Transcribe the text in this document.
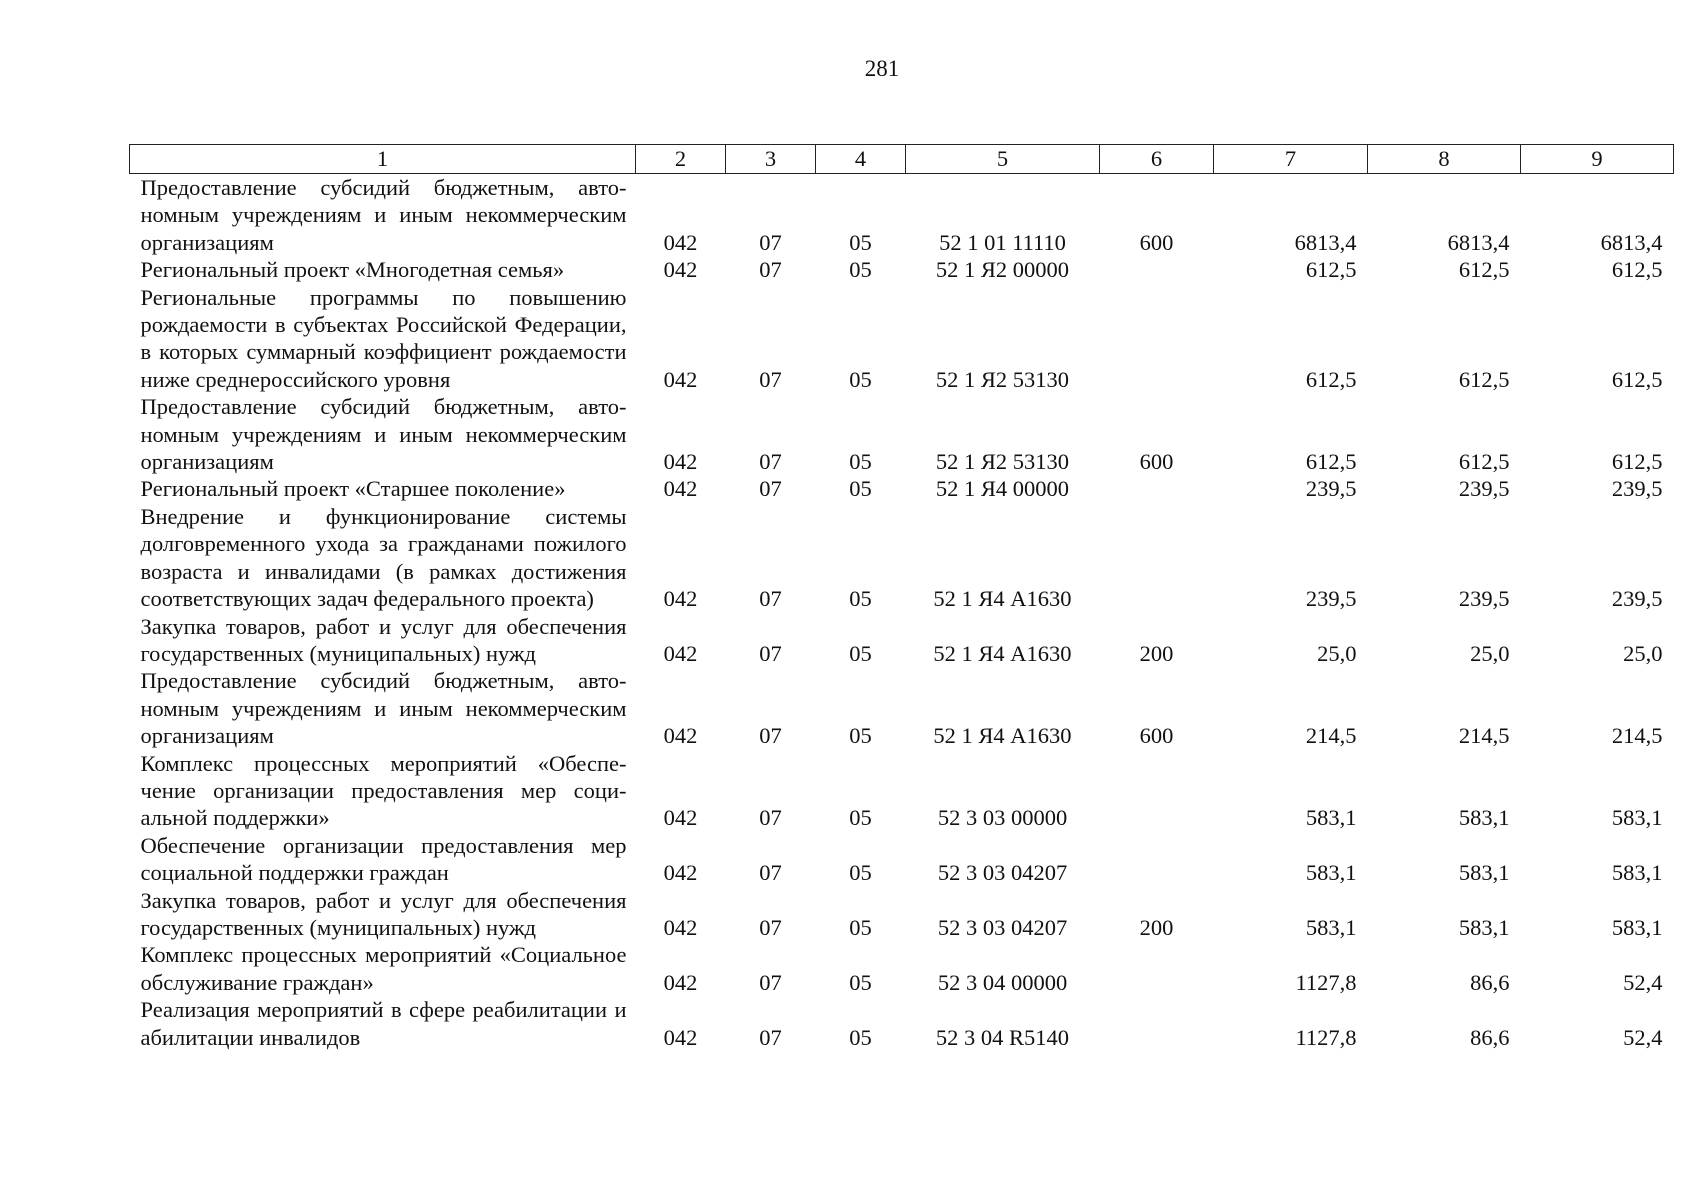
281
1	2	3	4	5	6	7	8	9
Предоставление субсидий бюджетным, автономным учреждениям и иным некоммерческим организациям	042	07	05	52 1 01 11110	600	6813,4	6813,4	6813,4
Региональный проект «Многодетная семья»	042	07	05	52 1 Я2 00000		612,5	612,5	612,5
Региональные программы по повышению рождаемости в субъектах Российской Федерации, в которых суммарный коэффициент рождаемости ниже среднероссийского уровня	042	07	05	52 1 Я2 53130		612,5	612,5	612,5
Предоставление субсидий бюджетным, автономным учреждениям и иным некоммерческим организациям	042	07	05	52 1 Я2 53130	600	612,5	612,5	612,5
Региональный проект «Старшее поколение»	042	07	05	52 1 Я4 00000		239,5	239,5	239,5
Внедрение и функционирование системы долговременного ухода за гражданами пожилого возраста и инвалидами (в рамках достижения соответствующих задач федерального проекта)	042	07	05	52 1 Я4 А1630		239,5	239,5	239,5
Закупка товаров, работ и услуг для обеспечения государственных (муниципальных) нужд	042	07	05	52 1 Я4 А1630	200	25,0	25,0	25,0
Предоставление субсидий бюджетным, автономным учреждениям и иным некоммерческим организациям	042	07	05	52 1 Я4 А1630	600	214,5	214,5	214,5
Комплекс процессных мероприятий «Обеспечение организации предоставления мер социальной поддержки»	042	07	05	52 3 03 00000		583,1	583,1	583,1
Обеспечение организации предоставления мер социальной поддержки граждан	042	07	05	52 3 03 04207		583,1	583,1	583,1
Закупка товаров, работ и услуг для обеспечения государственных (муниципальных) нужд	042	07	05	52 3 03 04207	200	583,1	583,1	583,1
Комплекс процессных мероприятий «Социальное обслуживание граждан»	042	07	05	52 3 04 00000		1127,8	86,6	52,4
Реализация мероприятий в сфере реабилитации и абилитации инвалидов	042	07	05	52 3 04 R5140		1127,8	86,6	52,4
